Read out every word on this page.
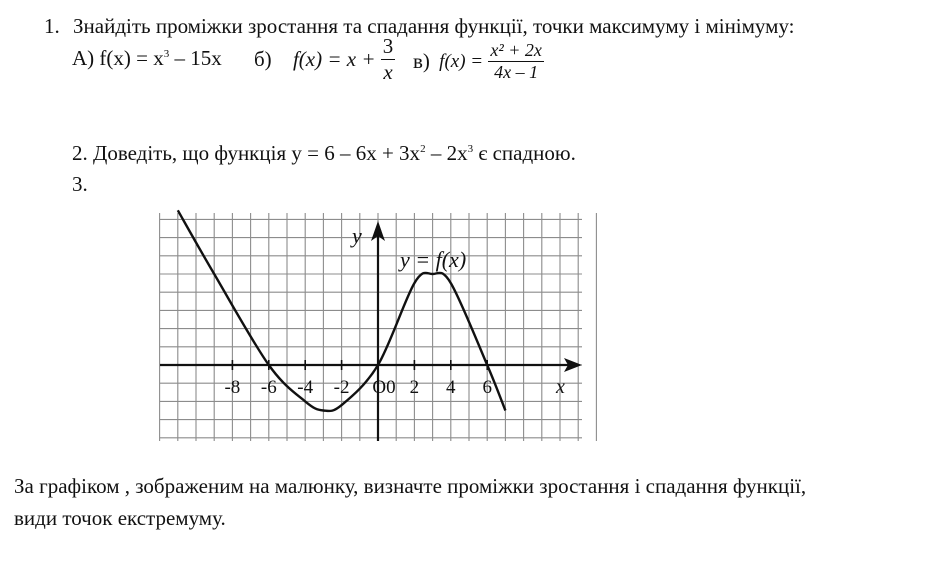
1. Знайдіть проміжки зростання та спадання функції, точки максимуму і мінімуму:
А) $f(x) = x^3 - 15x$ б) $f(x) = x + \frac{3}{x} в$) $f(x) = \frac{\text{x² + 2x}}{4x - 1}$
2. Доведіть, що функція $y = 6 - 6x + 3x^2 - 2x^3$ є спадною.
3.
-8 -6 -4 -2 O0 2 4 6
y
x
y = f(x)
За графіком , зображеним на малюнку, визначте проміжки зростання і спадання функції,
види точок екстремуму.
